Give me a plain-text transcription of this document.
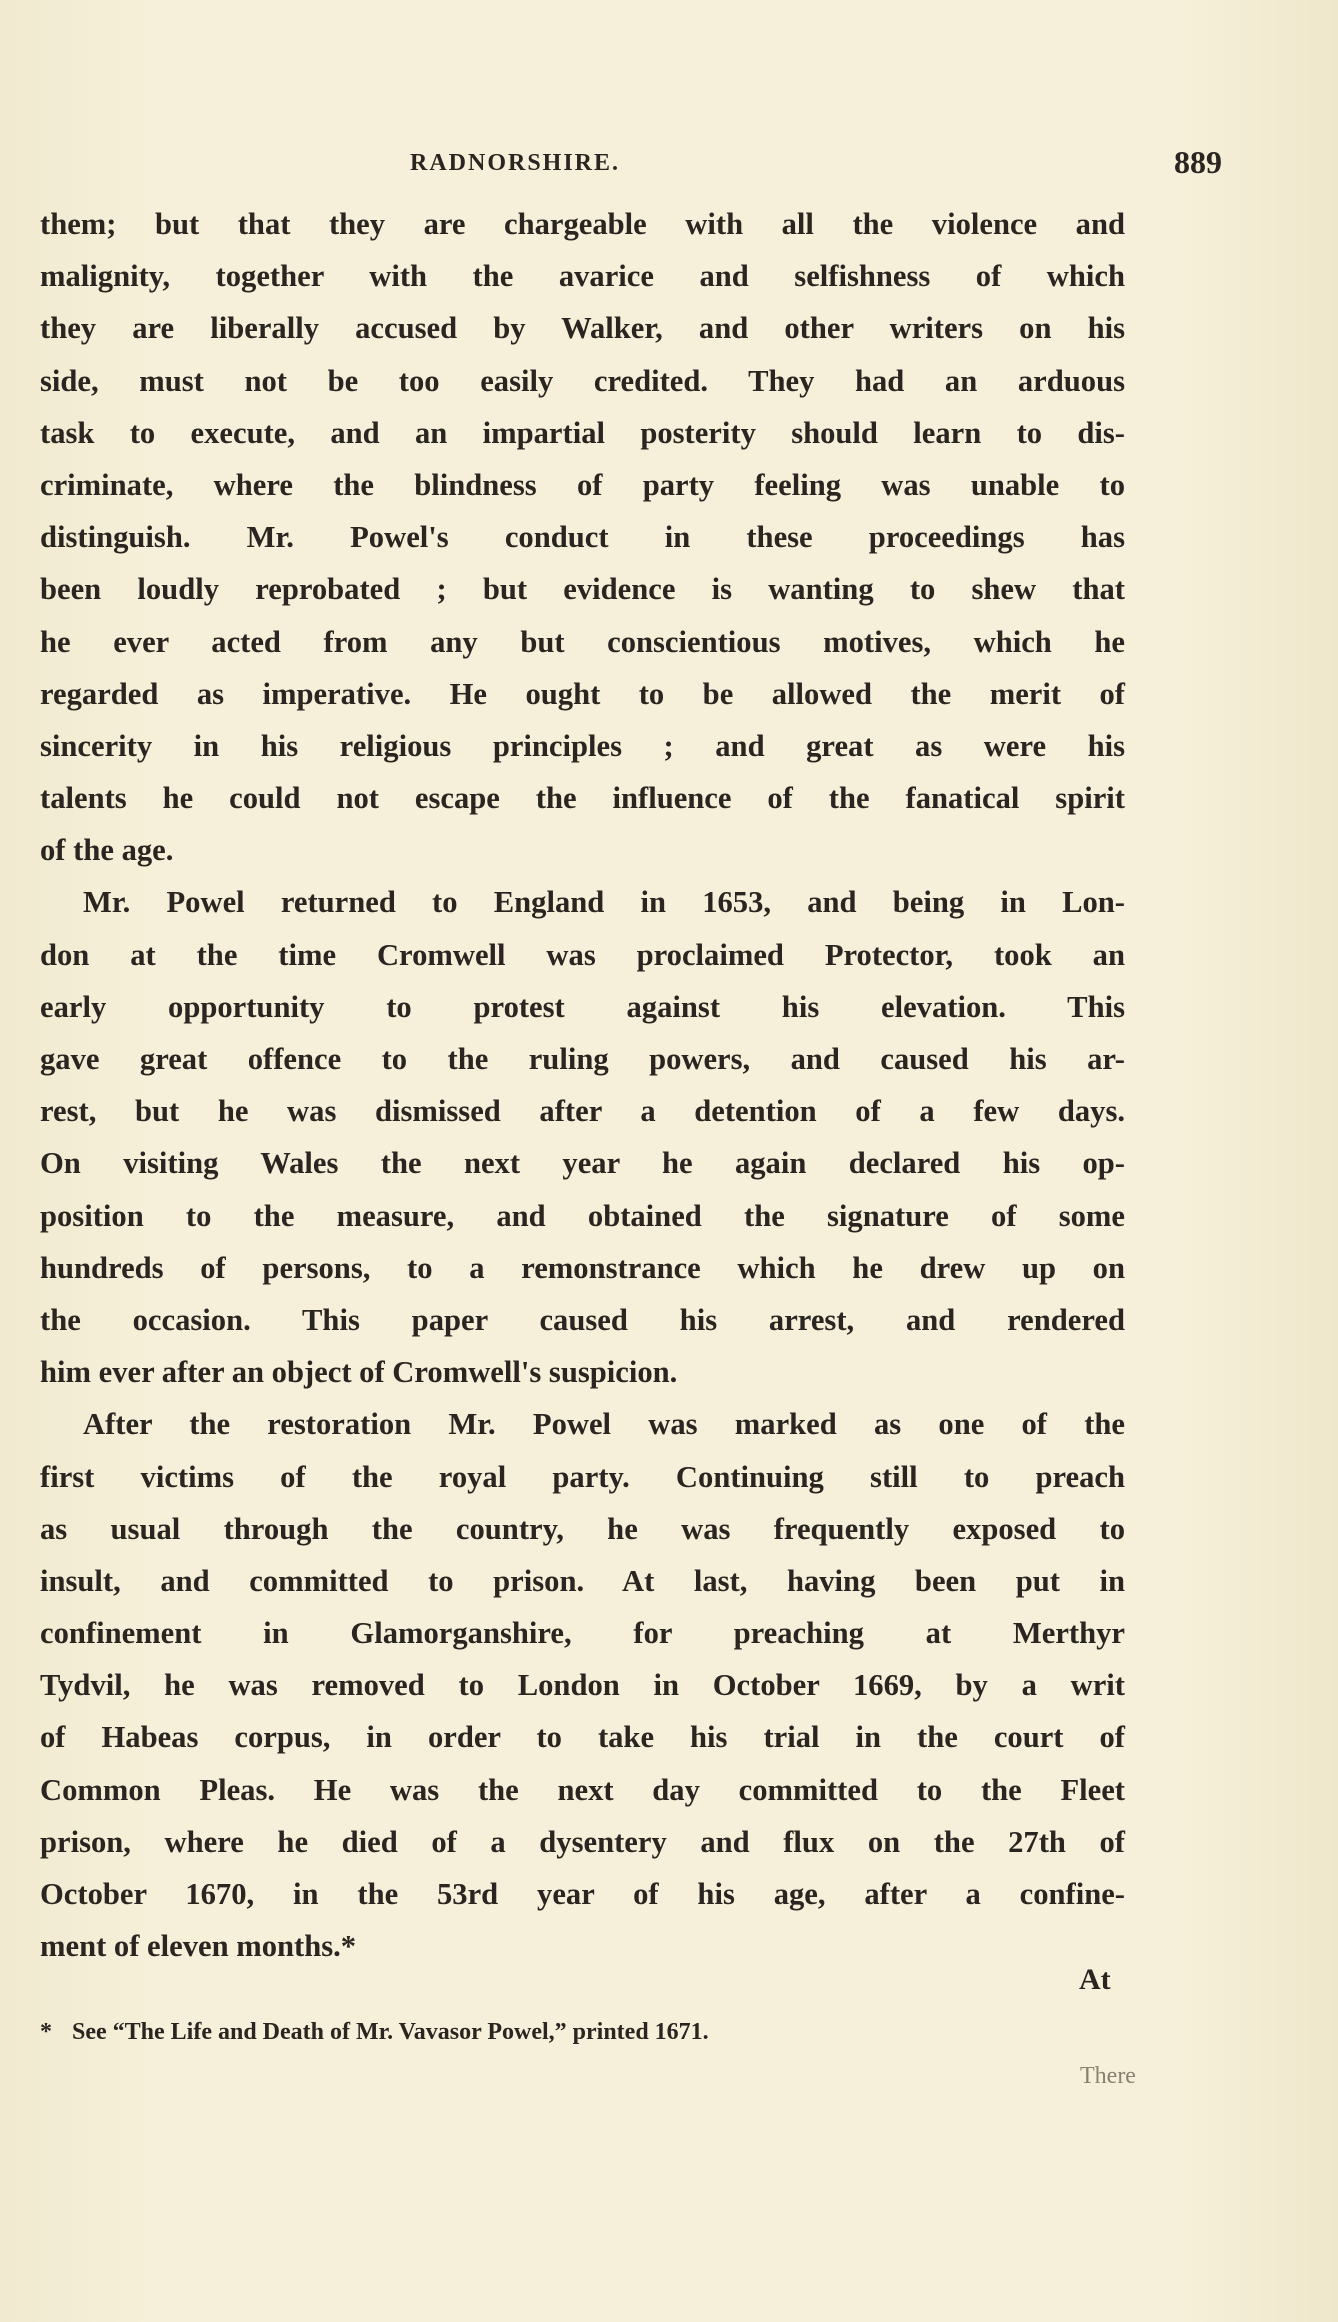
RADNORSHIRE.	889
them; but that they are chargeable with all the violence and
malignity, together with the avarice and selfishness of which
they are liberally accused by Walker, and other writers on his
side, must not be too easily credited. They had an arduous
task to execute, and an impartial posterity should learn to dis-
criminate, where the blindness of party feeling was unable to
distinguish. Mr. Powel's conduct in these proceedings has
been loudly reprobated ; but evidence is wanting to shew that
he ever acted from any but conscientious motives, which he
regarded as imperative. He ought to be allowed the merit of
sincerity in his religious principles ; and great as were his
talents he could not escape the influence of the fanatical spirit
of the age.
Mr. Powel returned to England in 1653, and being in Lon-
don at the time Cromwell was proclaimed Protector, took an
early opportunity to protest against his elevation. This
gave great offence to the ruling powers, and caused his ar-
rest, but he was dismissed after a detention of a few days.
On visiting Wales the next year he again declared his op-
position to the measure, and obtained the signature of some
hundreds of persons, to a remonstrance which he drew up on
the occasion. This paper caused his arrest, and rendered
him ever after an object of Cromwell's suspicion.
After the restoration Mr. Powel was marked as one of the
first victims of the royal party. Continuing still to preach
as usual through the country, he was frequently exposed to
insult, and committed to prison. At last, having been put in
confinement in Glamorganshire, for preaching at Merthyr
Tydvil, he was removed to London in October 1669, by a writ
of Habeas corpus, in order to take his trial in the court of
Common Pleas. He was the next day committed to the Fleet
prison, where he died of a dysentery and flux on the 27th of
October 1670, in the 53rd year of his age, after a confine-
ment of eleven months.*
At
* See “The Life and Death of Mr. Vavasor Powel,” printed 1671.
There
